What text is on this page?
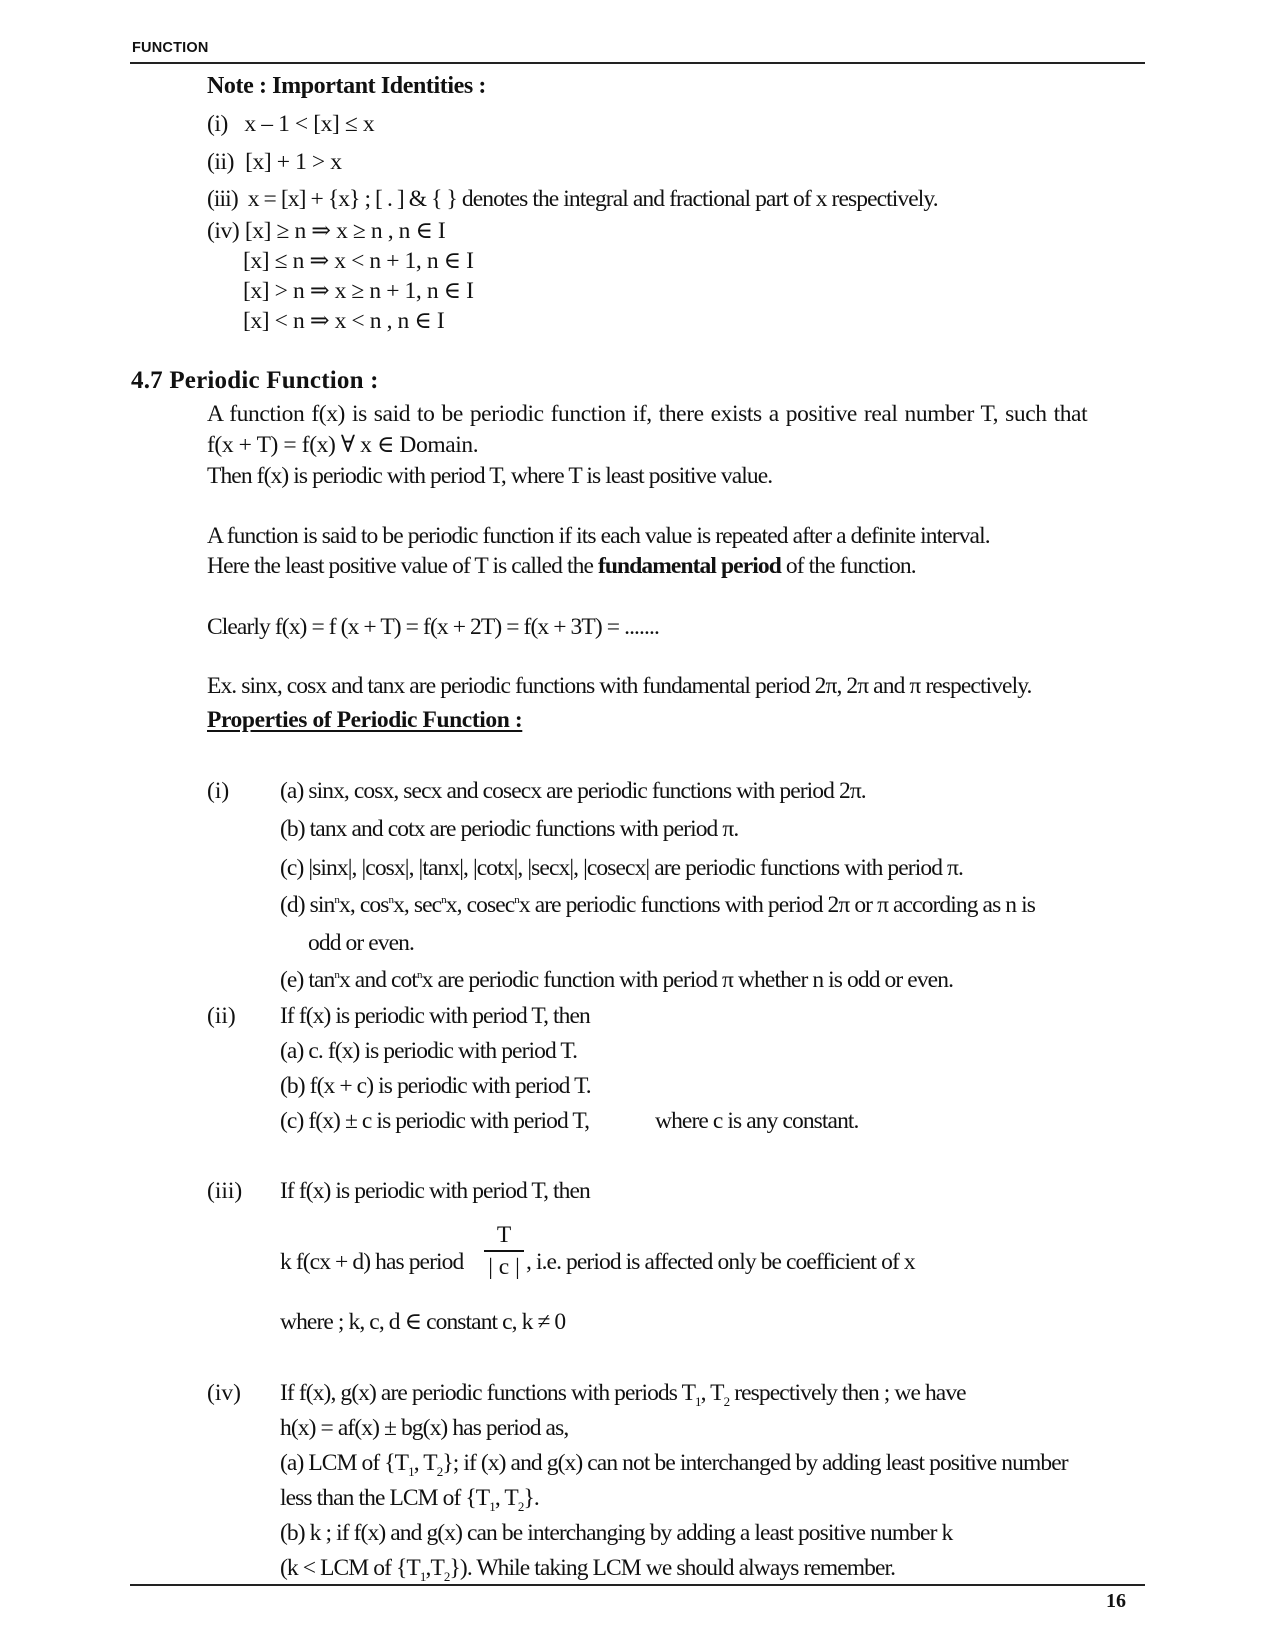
FUNCTION
Note : Important Identities :
(i) x – 1 < [x] ≤ x
(ii) [x] + 1 > x
(iii) x = [x] + {x} ; [ . ] & { } denotes the integral and fractional part of x respectively.
(iv) [x] ≥ n ⇒ x ≥ n , n ∈ I
[x] ≤ n ⇒ x < n + 1, n ∈ I
[x] > n ⇒ x ≥ n + 1, n ∈ I
[x] < n ⇒ x < n , n ∈ I
4.7 Periodic Function :
A function f(x) is said to be periodic function if, there exists a positive real number T, such that
f(x + T) = f(x) ∀ x ∈ Domain.
Then f(x) is periodic with period T, where T is least positive value.
A function is said to be periodic function if its each value is repeated after a definite interval.
Here the least positive value of T is called the fundamental period of the function.
Clearly f(x) = f (x + T) = f(x + 2T) = f(x + 3T) = .......
Ex. sinx, cosx and tanx are periodic functions with fundamental period 2π, 2π and π respectively.
Properties of Periodic Function :
(i) (a) sinx, cosx, secx and cosecx are periodic functions with period 2π.
(b) tanx and cotx are periodic functions with period π.
(c) |sinx|, |cosx|, |tanx|, |cotx|, |secx|, |cosecx| are periodic functions with period π.
(d) $\sin^nx$, $\cos^nx$, $\sec^nx$, cosec$^n$x are periodic functions with period 2π or π according as n is
odd or even.
(e) $\tan^nx$ and $\cot^nx$ are periodic function with period π whether n is odd or even.
(ii) If f(x) is periodic with period T, then
(a) c. f(x) is periodic with period T.
(b) f(x + c) is periodic with period T.
(c) f(x) ± c is periodic with period T,	where c is any constant.
(iii) If f(x) is periodic with period T, then
k f(cx + d) has period
T
| c | , i.e. period is affected only be coefficient of x
where ; k, c, d ∈ constant c, k ≠ 0
(iv) If f(x), g(x) are periodic functions with periods $T_1$, $T_2$ respectively then ; we have
h(x) = af(x) ± bg(x) has period as,
(a) LCM of {$T_1$, $T_2$}; if (x) and g(x) can not be interchanged by adding least positive number
less than the LCM of {$T_1$, $T_2$}.
(b) k ; if f(x) and g(x) can be interchanging by adding a least positive number k
(k < LCM of $\{T_1,T_2\}$). While taking LCM we should always remember.
16
